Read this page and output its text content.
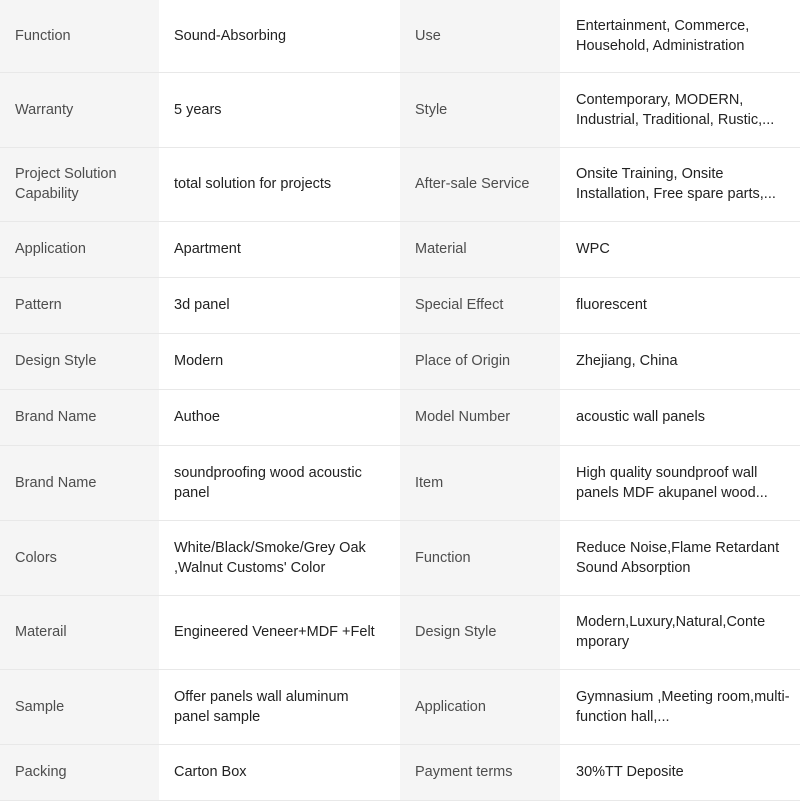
Function	Sound-Absorbing	Use	Entertainment, Commerce, Household, Administration

Warranty	5 years	Style	Contemporary, MODERN, Industrial, Traditional, Rustic,...

Project Solution Capability	total solution for projects	After-sale Service	Onsite Training, Onsite Installation, Free spare parts,...

Application	Apartment	Material	WPC
Pattern	3d panel	Special Effect	fluorescent
Design Style	Modern	Place of Origin	Zhejiang, China
Brand Name	Authoe	Model Number	acoustic wall panels
Brand Name	soundproofing wood acoustic panel	Item	High quality soundproof wall panels MDF akupanel wood...

Colors	White/Black/Smoke/Grey Oak ,Walnut Customs' Color	Function	Reduce Noise,Flame Retardant Sound Absorption

Materail	Engineered Veneer+MDF +Felt	Design Style	Modern,Luxury,Natural,Conte mporary

Sample	Offer panels wall aluminum panel sample	Application	Gymnasium ,Meeting room,multi-function hall,...

Packing	Carton Box	Payment terms	30%TT Deposite
